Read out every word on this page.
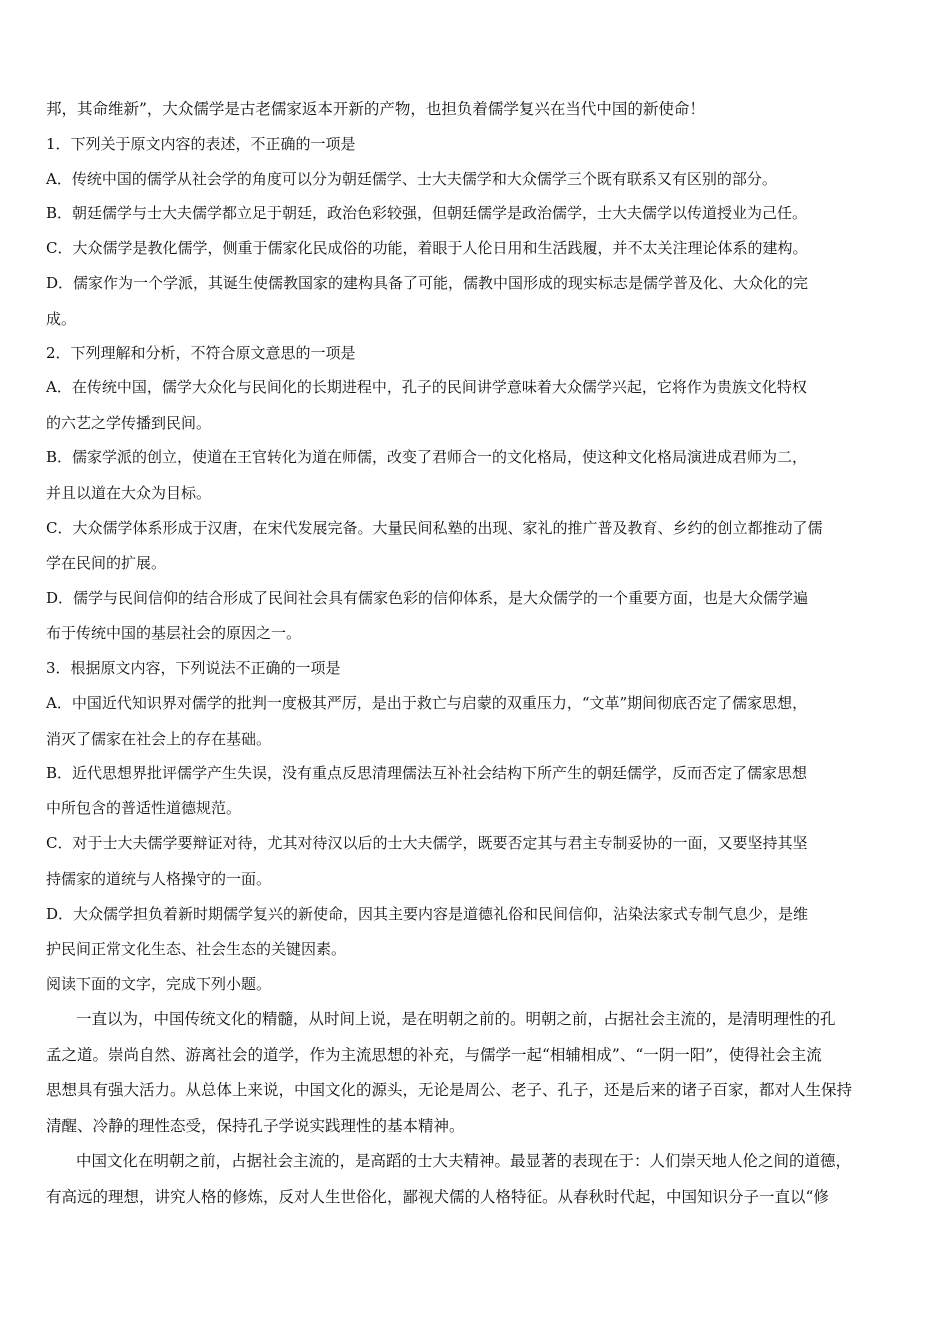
邦，其命维新”，大众儒学是古老儒家返本开新的产物，也担负着儒学复兴在当代中国的新使命！

1．下列关于原文内容的表述，不正确的一项是

A．传统中国的儒学从社会学的角度可以分为朝廷儒学、士大夫儒学和大众儒学三个既有联系又有区别的部分。

B．朝廷儒学与士大夫儒学都立足于朝廷，政治色彩较强，但朝廷儒学是政治儒学，士大夫儒学以传道授业为己任。

C．大众儒学是教化儒学，侧重于儒家化民成俗的功能，着眼于人伦日用和生活践履，并不太关注理论体系的建构。

D．儒家作为一个学派，其诞生使儒教国家的建构具备了可能，儒教中国形成的现实标志是儒学普及化、大众化的完

成。

2．下列理解和分析，不符合原文意思的一项是

A．在传统中国，儒学大众化与民间化的长期进程中，孔子的民间讲学意味着大众儒学兴起，它将作为贵族文化特权

的六艺之学传播到民间。

B．儒家学派的创立，使道在王官转化为道在师儒，改变了君师合一的文化格局，使这种文化格局演进成君师为二，

并且以道在大众为目标。

C．大众儒学体系形成于汉唐，在宋代发展完备。大量民间私塾的出现、家礼的推广普及教育、乡约的创立都推动了儒

学在民间的扩展。

D．儒学与民间信仰的结合形成了民间社会具有儒家色彩的信仰体系，是大众儒学的一个重要方面，也是大众儒学遍

布于传统中国的基层社会的原因之一。

3．根据原文内容，下列说法不正确的一项是

A．中国近代知识界对儒学的批判一度极其严厉，是出于救亡与启蒙的双重压力，“文革”期间彻底否定了儒家思想，

消灭了儒家在社会上的存在基础。

B．近代思想界批评儒学产生失误，没有重点反思清理儒法互补社会结构下所产生的朝廷儒学，反而否定了儒家思想

中所包含的普适性道德规范。

C．对于士大夫儒学要辩证对待，尤其对待汉以后的士大夫儒学，既要否定其与君主专制妥协的一面，又要坚持其坚

持儒家的道统与人格操守的一面。

D．大众儒学担负着新时期儒学复兴的新使命，因其主要内容是道德礼俗和民间信仰，沾染法家式专制气息少，是维

护民间正常文化生态、社会生态的关键因素。

阅读下面的文字，完成下列小题。

一直以为，中国传统文化的精髓，从时间上说，是在明朝之前的。明朝之前，占据社会主流的，是清明理性的孔

孟之道。崇尚自然、游离社会的道学，作为主流思想的补充，与儒学一起“相辅相成”、“一阴一阳”，使得社会主流

思想具有强大活力。从总体上来说，中国文化的源头，无论是周公、老子、孔子，还是后来的诸子百家，都对人生保持

清醒、冷静的理性态受，保持孔子学说实践理性的基本精神。

中国文化在明朝之前，占据社会主流的，是高蹈的士大夫精神。最显著的表现在于：人们崇天地人伦之间的道德，

有高远的理想，讲究人格的修炼，反对人生世俗化，鄙视犬儒的人格特征。从春秋时代起，中国知识分子一直以“修
